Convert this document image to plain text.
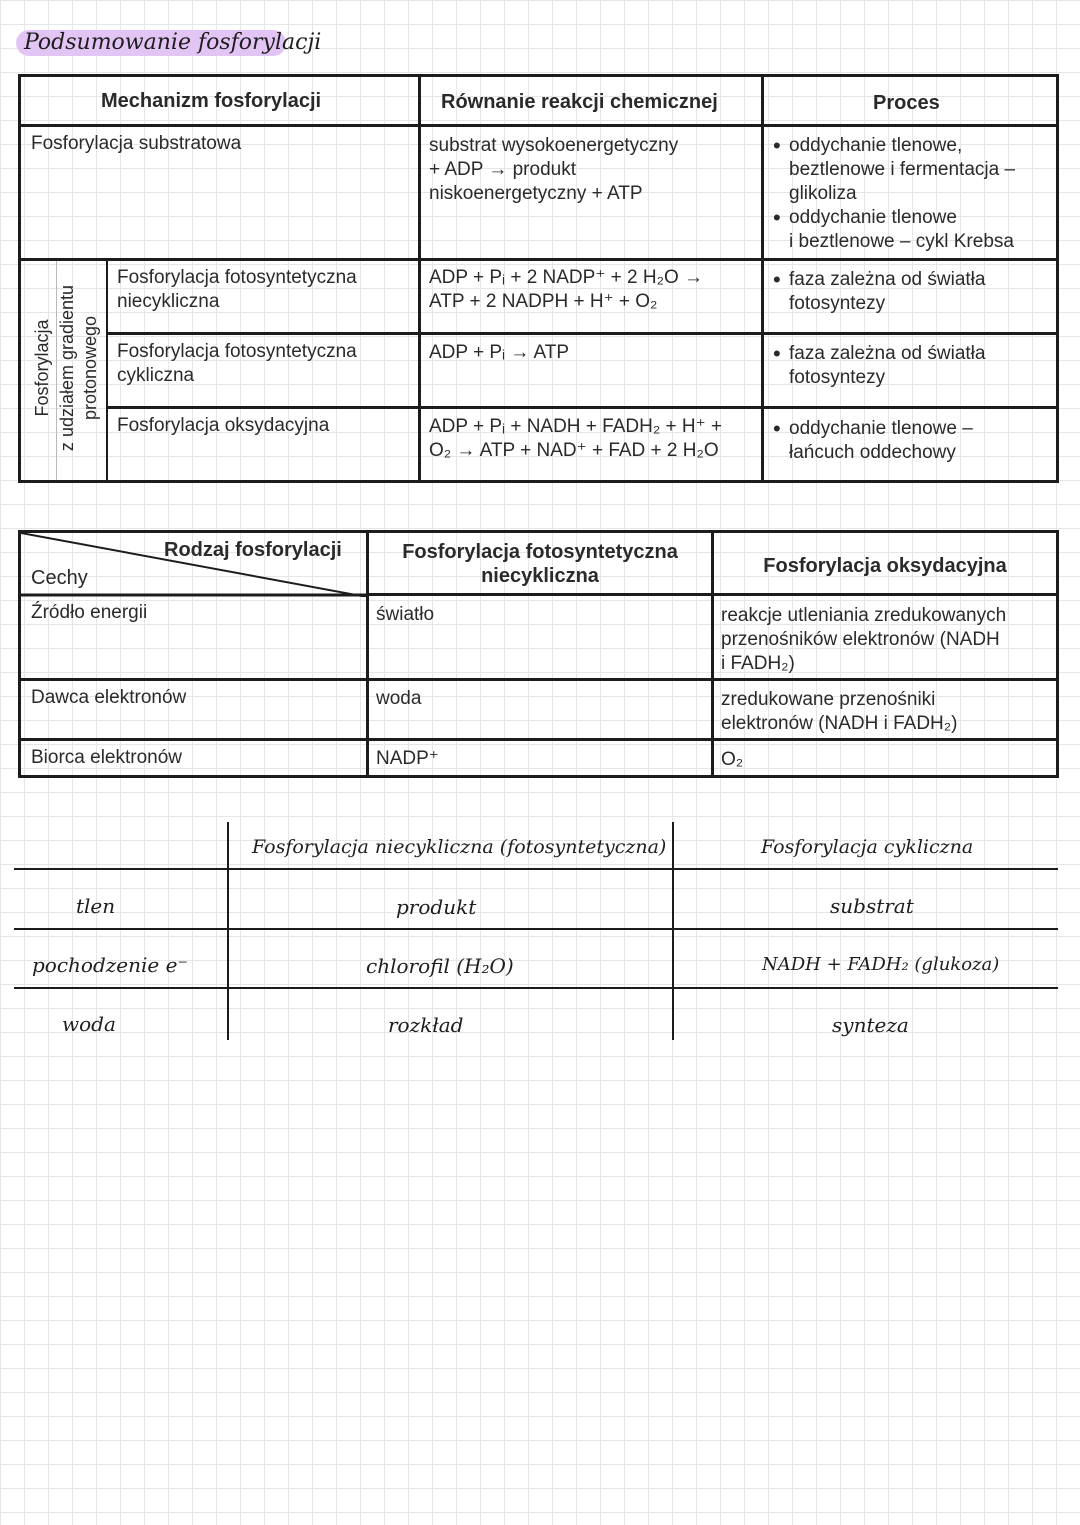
Podsumowanie fosforylacji
Mechanizm fosforylacji	Równanie reakcji chemicznej	Proces
Fosforylacja z udziałem gradientu protonowego
Fosforylacja substratowa	substrat wysokoenergetyczny
+ ADP → produkt
niskoenergetyczny + ATP
• oddychanie tlenowe,
beztlenowe i fermentacja –
glikoliza
• oddychanie tlenowe
i beztlenowe – cykl Krebsa
Fosforylacja fotosyntetyczna
niecykliczna
ADP + Pᵢ + 2 NADP⁺ + 2 H₂O →
ATP + 2 NADPH + H⁺ + O₂
• faza zależna od światła
fotosyntezy
Fosforylacja fotosyntetyczna
cykliczna
ADP + Pᵢ → ATP
•	faza zależna od światła
fotosyntezy
Fosforylacja oksydacyjna	ADP + Pᵢ + NADH + FADH₂ + H⁺ +
O₂ → ATP + NAD⁺ + FAD + 2 H₂O
• oddychanie tlenowe –
łańcuch oddechowy
Rodzaj fosforylacji
Cechy
Fosforylacja fotosyntetyczna
niecykliczna	Fosforylacja oksydacyjna
Źródło energii	światło	reakcje utleniania zredukowanych
przenośników elektronów (NADH
i FADH₂)
Dawca elektronów	woda	zredukowane przenośniki
elektronów (NADH i FADH₂)
Biorca elektronów	NADP⁺	O₂
Fosforylacja niecykliczna (fotosyntetyczna)	Fosforylacja cykliczna
tlen	produkt	substrat
pochodzenie e⁻	chlorofil (H₂O)	NADH + FADH₂ (glukoza)
woda	rozkład	synteza
